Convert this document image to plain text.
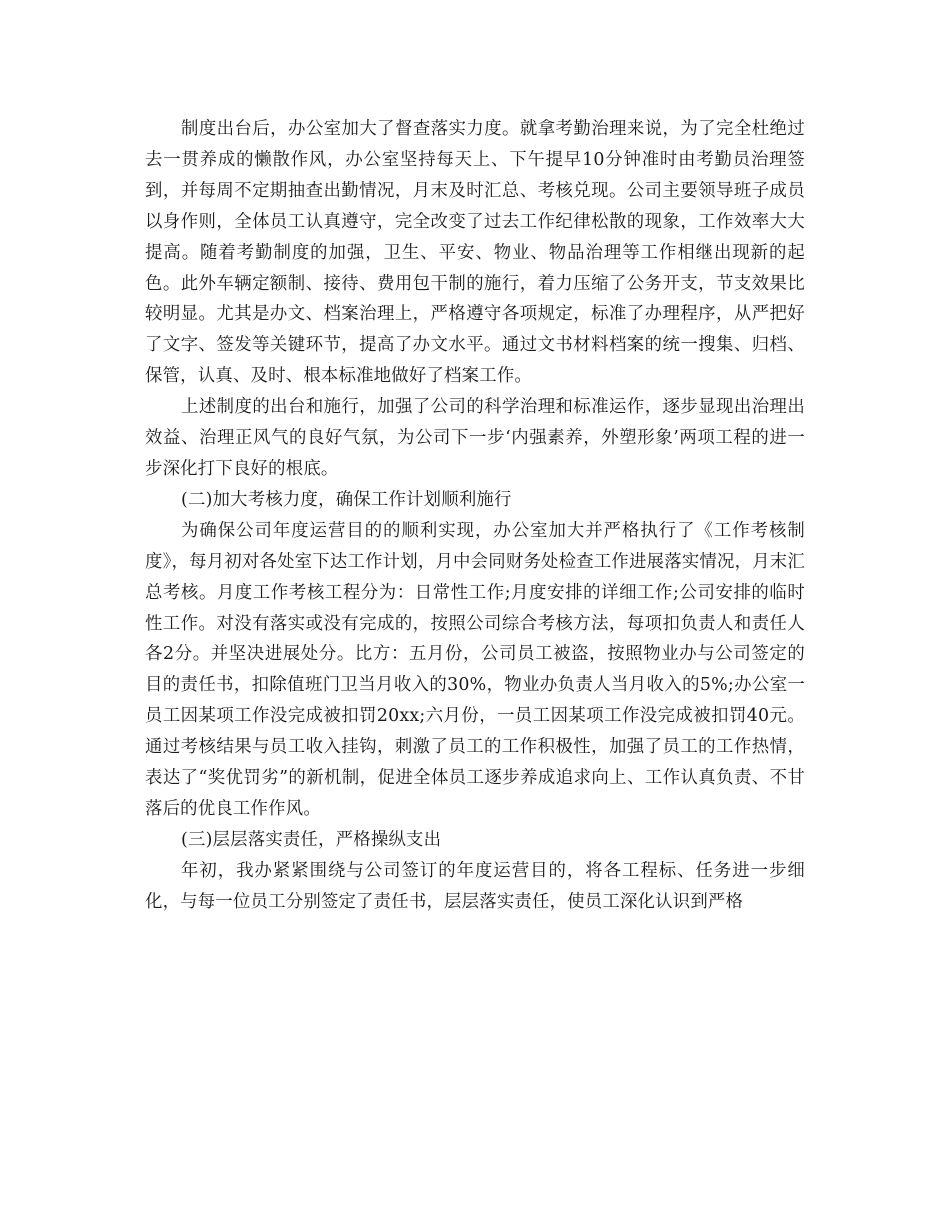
制度出台后，办公室加大了督查落实力度。就拿考勤治理来说，为了完全杜绝过去一贯养成的懒散作风，办公室坚持每天上、下午提早10分钟准时由考勤员治理签到，并每周不定期抽查出勤情况，月末及时汇总、考核兑现。公司主要领导班子成员以身作则，全体员工认真遵守，完全改变了过去工作纪律松散的现象，工作效率大大提高。随着考勤制度的加强，卫生、平安、物业、物品治理等工作相继出现新的起色。此外车辆定额制、接待、费用包干制的施行，着力压缩了公务开支，节支效果比较明显。尤其是办文、档案治理上，严格遵守各项规定，标准了办理程序，从严把好了文字、签发等关键环节，提高了办文水平。通过文书材料档案的统一搜集、归档、保管，认真、及时、根本标准地做好了档案工作。

上述制度的出台和施行，加强了公司的科学治理和标准运作，逐步显现出治理出效益、治理正风气的良好气氛，为公司下一步‘内强素养，外塑形象’两项工程的进一步深化打下良好的根底。

(二)加大考核力度，确保工作计划顺利施行

为确保公司年度运营目的的顺利实现，办公室加大并严格执行了《工作考核制度》，每月初对各处室下达工作计划，月中会同财务处检查工作进展落实情况，月末汇总考核。月度工作考核工程分为：日常性工作;月度安排的详细工作;公司安排的临时性工作。对没有落实或没有完成的，按照公司综合考核方法，每项扣负责人和责任人各2分。并坚决进展处分。比方：五月份，公司员工被盗，按照物业办与公司签定的目的责任书，扣除值班门卫当月收入的30%，物业办负责人当月收入的5%;办公室一员工因某项工作没完成被扣罚20xx;六月份，一员工因某项工作没完成被扣罚40元。通过考核结果与员工收入挂钩，刺激了员工的工作积极性，加强了员工的工作热情，表达了“奖优罚劣”的新机制，促进全体员工逐步养成追求向上、工作认真负责、不甘落后的优良工作作风。

(三)层层落实责任，严格操纵支出

年初，我办紧紧围绕与公司签订的年度运营目的，将各工程标、任务进一步细化，与每一位员工分别签定了责任书，层层落实责任，使员工深化认识到严格
